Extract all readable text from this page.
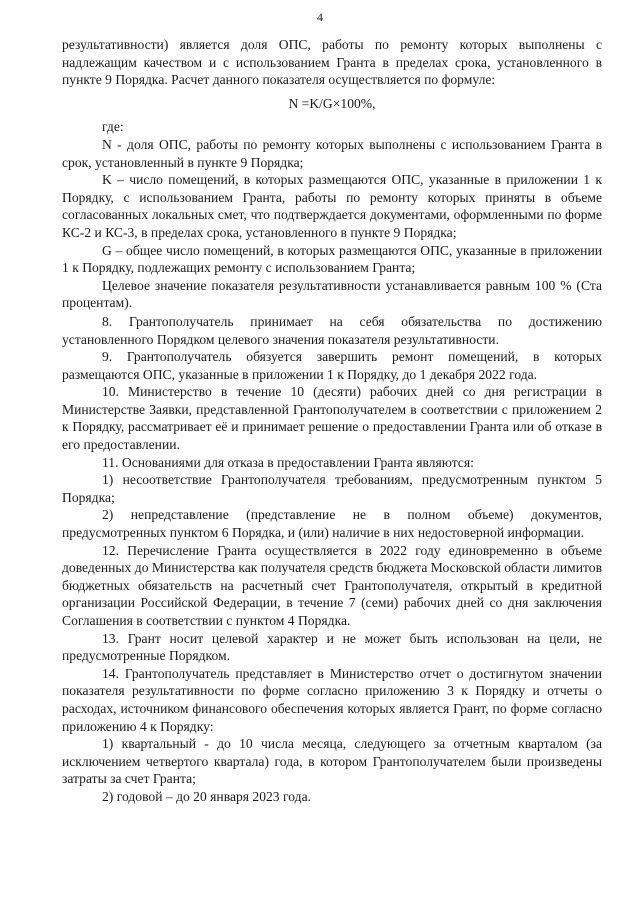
4

результативности) является доля ОПС, работы по ремонту которых выполнены с надлежащим качеством и с использованием Гранта в пределах срока, установленного в пункте 9 Порядка. Расчет данного показателя осуществляется по формуле:

N =K/G×100%,

где:

N - доля ОПС, работы по ремонту которых выполнены с использованием Гранта в срок, установленный в пункте 9 Порядка;

K – число помещений, в которых размещаются ОПС, указанные в приложении 1 к Порядку, с использованием Гранта, работы по ремонту которых приняты в объеме согласованных локальных смет, что подтверждается документами, оформленными по форме КС-2 и КС-3, в пределах срока, установленного в пункте 9 Порядка;

G – общее число помещений, в которых размещаются ОПС, указанные в приложении 1 к Порядку, подлежащих ремонту с использованием Гранта;

Целевое значение показателя результативности устанавливается равным 100 % (Ста процентам).

8. Грантополучатель принимает на себя обязательства по достижению установленного Порядком целевого значения показателя результативности.

9. Грантополучатель обязуется завершить ремонт помещений, в которых размещаются ОПС, указанные в приложении 1 к Порядку, до 1 декабря 2022 года.

10. Министерство в течение 10 (десяти) рабочих дней со дня регистрации в Министерстве Заявки, представленной Грантополучателем в соответствии с приложением 2 к Порядку, рассматривает её и принимает решение о предоставлении Гранта или об отказе в его предоставлении.

11. Основаниями для отказа в предоставлении Гранта являются:

1) несоответствие Грантополучателя требованиям, предусмотренным пунктом 5 Порядка;

2) непредставление (представление не в полном объеме) документов, предусмотренных пунктом 6 Порядка, и (или) наличие в них недостоверной информации.

12. Перечисление Гранта осуществляется в 2022 году единовременно в объеме доведенных до Министерства как получателя средств бюджета Московской области лимитов бюджетных обязательств на расчетный счет Грантополучателя, открытый в кредитной организации Российской Федерации, в течение 7 (семи) рабочих дней со дня заключения Соглашения в соответствии с пунктом 4 Порядка.

13. Грант носит целевой характер и не может быть использован на цели, не предусмотренные Порядком.

14. Грантополучатель представляет в Министерство отчет о достигнутом значении показателя результативности по форме согласно приложению 3 к Порядку и отчеты о расходах, источником финансового обеспечения которых является Грант, по форме согласно приложению 4 к Порядку:

1) квартальный - до 10 числа месяца, следующего за отчетным кварталом (за исключением четвертого квартала) года, в котором Грантополучателем были произведены затраты за счет Гранта;

2) годовой – до 20 января 2023 года.
